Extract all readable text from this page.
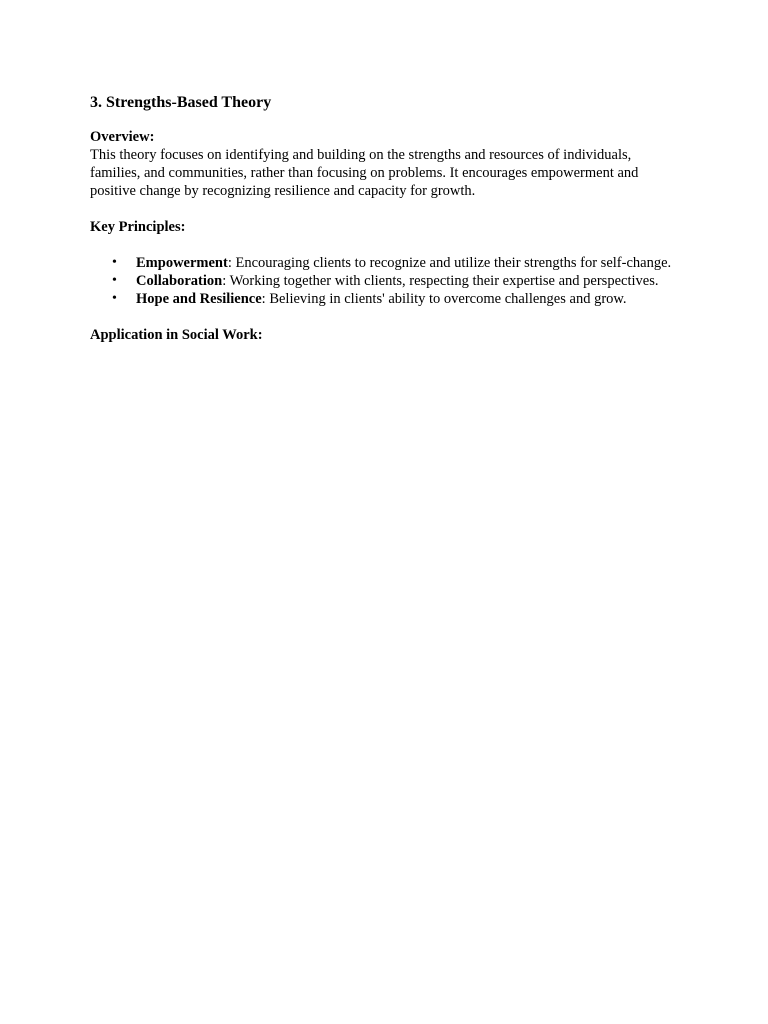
3. Strengths-Based Theory

Overview:

This theory focuses on identifying and building on the strengths and resources of individuals, families, and communities, rather than focusing on problems. It encourages empowerment and positive change by recognizing resilience and capacity for growth.

Key Principles:

• Empowerment: Encouraging clients to recognize and utilize their strengths for self-change.
• Collaboration: Working together with clients, respecting their expertise and perspectives.
• Hope and Resilience: Believing in clients' ability to overcome challenges and grow.

Application in Social Work:
